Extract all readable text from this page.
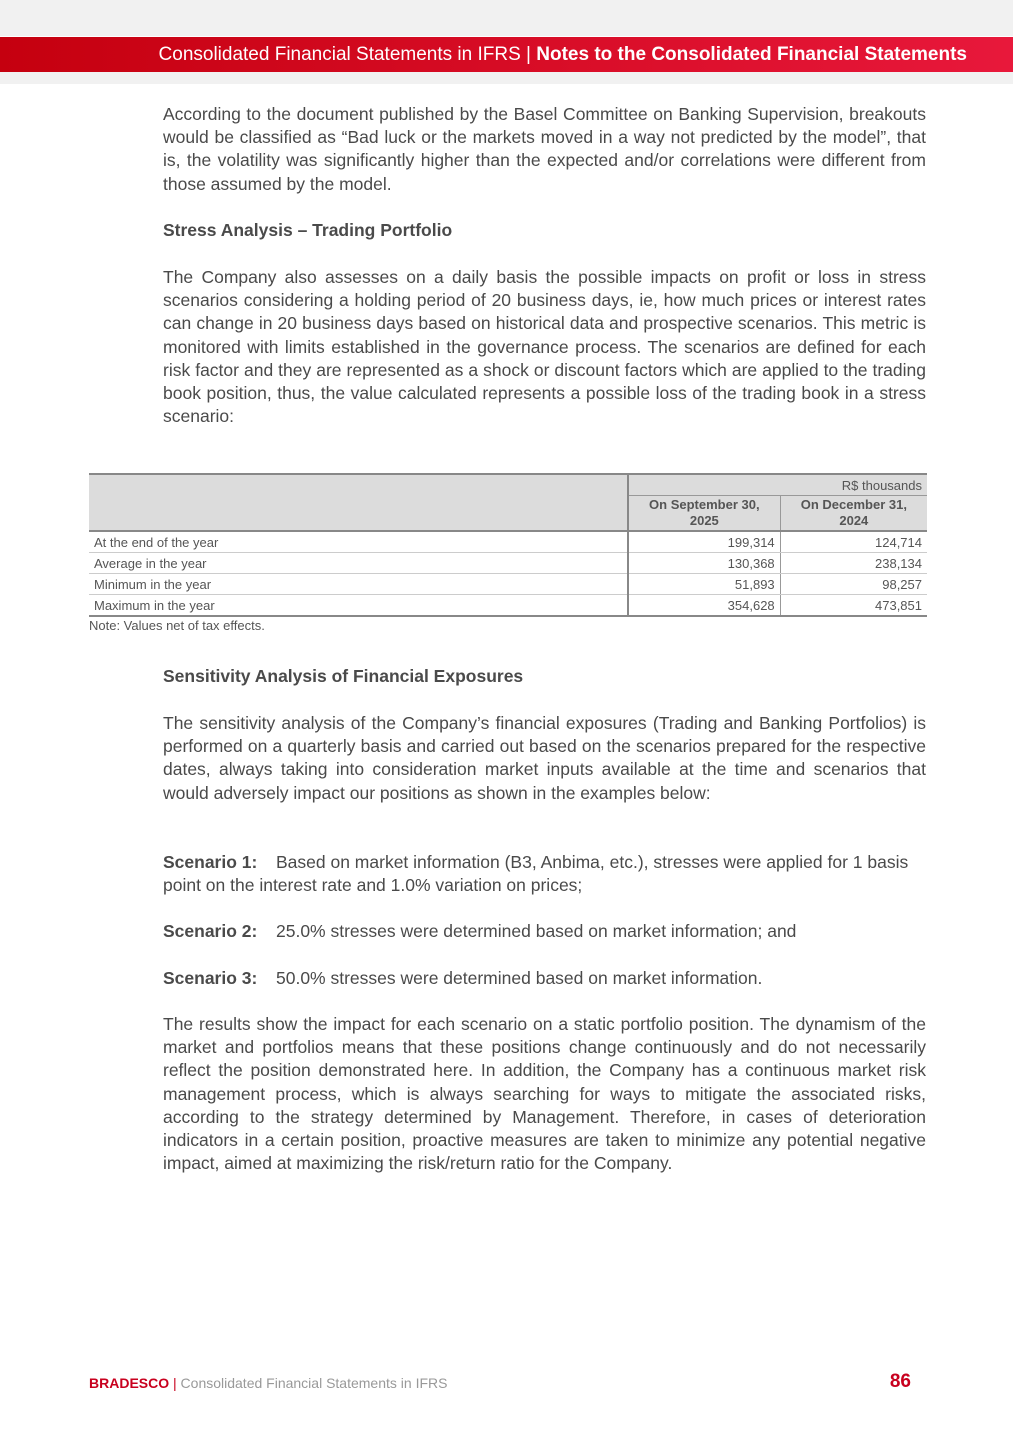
Consolidated Financial Statements in IFRS | Notes to the Consolidated Financial Statements

According to the document published by the Basel Committee on Banking Supervision, breakouts would be classified as “Bad luck or the markets moved in a way not predicted by the model”, that is, the volatility was significantly higher than the expected and/or correlations were different from those assumed by the model.

Stress Analysis – Trading Portfolio

The Company also assesses on a daily basis the possible impacts on profit or loss in stress scenarios considering a holding period of 20 business days, ie, how much prices or interest rates can change in 20 business days based on historical data and prospective scenarios. This metric is monitored with limits established in the governance process. The scenarios are defined for each risk factor and they are represented as a shock or discount factors which are applied to the trading book position, thus, the value calculated represents a possible loss of the trading book in a stress scenario:

	R$ thousands	
	On September 30, 2025	On December 31, 2024
At the end of the year	199,314	124,714
Average in the year	130,368	238,134
Minimum in the year	51,893	98,257
Maximum in the year	354,628	473,851
Note: Values net of tax effects.

Sensitivity Analysis of Financial Exposures

The sensitivity analysis of the Company’s financial exposures (Trading and Banking Portfolios) is performed on a quarterly basis and carried out based on the scenarios prepared for the respective dates, always taking into consideration market inputs available at the time and scenarios that would adversely impact our positions as shown in the examples below:

Scenario 1: Based on market information (B3, Anbima, etc.), stresses were applied for 1 basis point on the interest rate and 1.0% variation on prices;
Scenario 2: 25.0% stresses were determined based on market information; and
Scenario 3: 50.0% stresses were determined based on market information.

The results show the impact for each scenario on a static portfolio position. The dynamism of the market and portfolios means that these positions change continuously and do not necessarily reflect the position demonstrated here. In addition, the Company has a continuous market risk management process, which is always searching for ways to mitigate the associated risks, according to the strategy determined by Management. Therefore, in cases of deterioration indicators in a certain position, proactive measures are taken to minimize any potential negative impact, aimed at maximizing the risk/return ratio for the Company.

BRADESCO | Consolidated Financial Statements in IFRS	86
